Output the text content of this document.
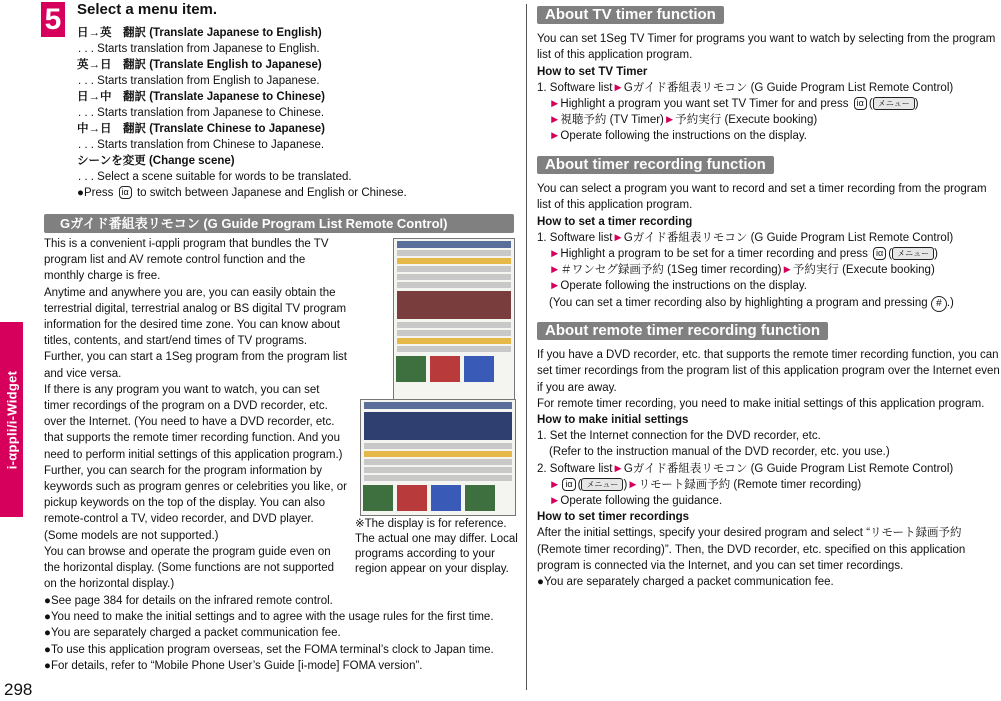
i-αppli/i-Widget
298
5 Select a menu item.
日→英　翻訳 (Translate Japanese to English)
. . . Starts translation from Japanese to English.
英→日　翻訳 (Translate English to Japanese)
. . . Starts translation from English to Japanese.
日→中　翻訳 (Translate Japanese to Chinese)
. . . Starts translation from Japanese to Chinese.
中→日　翻訳 (Translate Chinese to Japanese)
. . . Starts translation from Chinese to Japanese.
シーンを変更 (Change scene)
. . . Select a scene suitable for words to be translated.
●Press iα to switch between Japanese and English or Chinese.
Gガイド番組表リモコン (G Guide Program List Remote Control)

This is a convenient i-αppli program that bundles the TV program list and AV remote control function and the monthly charge is free.

Anytime and anywhere you are, you can easily obtain the terrestrial digital, terrestrial analog or BS digital TV program information for the desired time zone. You can know about titles, contents, and start/end times of TV programs. Further, you can start a 1Seg program from the program list and vice versa.

If there is any program you want to watch, you can set timer recordings of the program on a DVD recorder, etc. over the Internet. (You need to have a DVD recorder, etc. that supports the remote timer recording function. And you need to perform initial settings of this application program.) Further, you can search for the program information by keywords such as program genres or celebrities you like, or pickup keywords on the top of the display. You can also remote-control a TV, video recorder, and DVD player. (Some models are not supported.)

You can browse and operate the program guide even on the horizontal display. (Some functions are not supported on the horizontal display.)

※The display is for reference. The actual one may differ. Local programs according to your region appear on your display.
●See page 384 for details on the infrared remote control.
●You need to make the initial settings and to agree with the usage rules for the first time.
●You are separately charged a packet communication fee.
●To use this application program overseas, set the FOMA terminal’s clock to Japan time.
●For details, refer to “Mobile Phone User’s Guide [i-mode] FOMA version”.
About TV timer function
You can set 1Seg TV Timer for programs you want to watch by selecting from the program list of this application program.
How to set TV Timer
1. Software list►Gガイド番組表リモコン (G Guide Program List Remote Control)
►Highlight a program you want set TV Timer for and press iα ( メニュー )
►視聴予約 (TV Timer)►予約実行 (Execute booking)
►Operate following the instructions on the display.
About timer recording function
You can select a program you want to record and set a timer recording from the program list of this application program.
How to set a timer recording
1. Software list►Gガイド番組表リモコン (G Guide Program List Remote Control)
►Highlight a program to be set for a timer recording and press iα ( メニュー )
►＃ワンセグ録画予約 (1Seg timer recording)►予約実行 (Execute booking)
►Operate following the instructions on the display.
(You can set a timer recording also by highlighting a program and pressing # .)
About remote timer recording function
If you have a DVD recorder, etc. that supports the remote timer recording function, you can set timer recordings from the program list of this application program over the Internet even if you are away.
For remote timer recording, you need to make initial settings of this application program.
How to make initial settings
1. Set the Internet connection for the DVD recorder, etc.
(Refer to the instruction manual of the DVD recorder, etc. you use.)
2. Software list►Gガイド番組表リモコン (G Guide Program List Remote Control)
► iα ( メニュー )►リモート録画予約 (Remote timer recording)
►Operate following the guidance.
How to set timer recordings
After the initial settings, specify your desired program and select “リモート録画予約 (Remote timer recording)”. Then, the DVD recorder, etc. specified on this application program is connected via the Internet, and you can set timer recordings.
●You are separately charged a packet communication fee.
